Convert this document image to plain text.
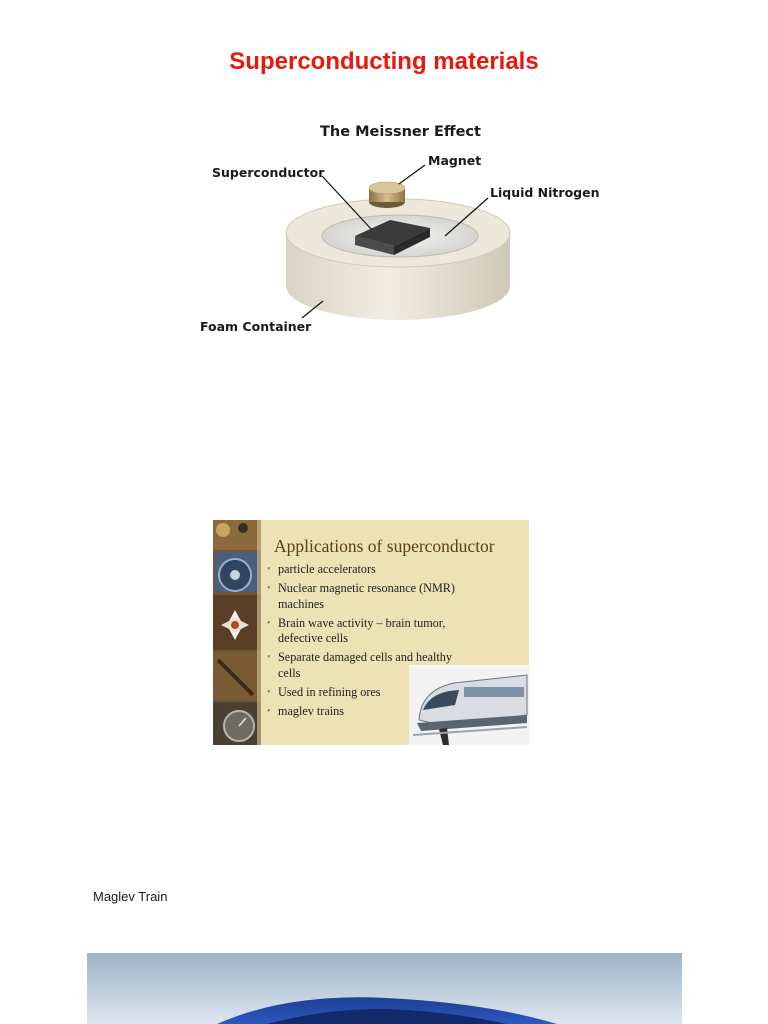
Superconducting materials
The Meissner Effect
Superconductor
Magnet
Liquid Nitrogen
Foam Container
Applications of superconductor
• particle accelerators
• Nuclear magnetic resonance (NMR) machines
• Brain wave activity – brain tumor, defective cells
• Separate damaged cells and healthy cells
• Used in refining ores
• maglev trains
Maglev Train
